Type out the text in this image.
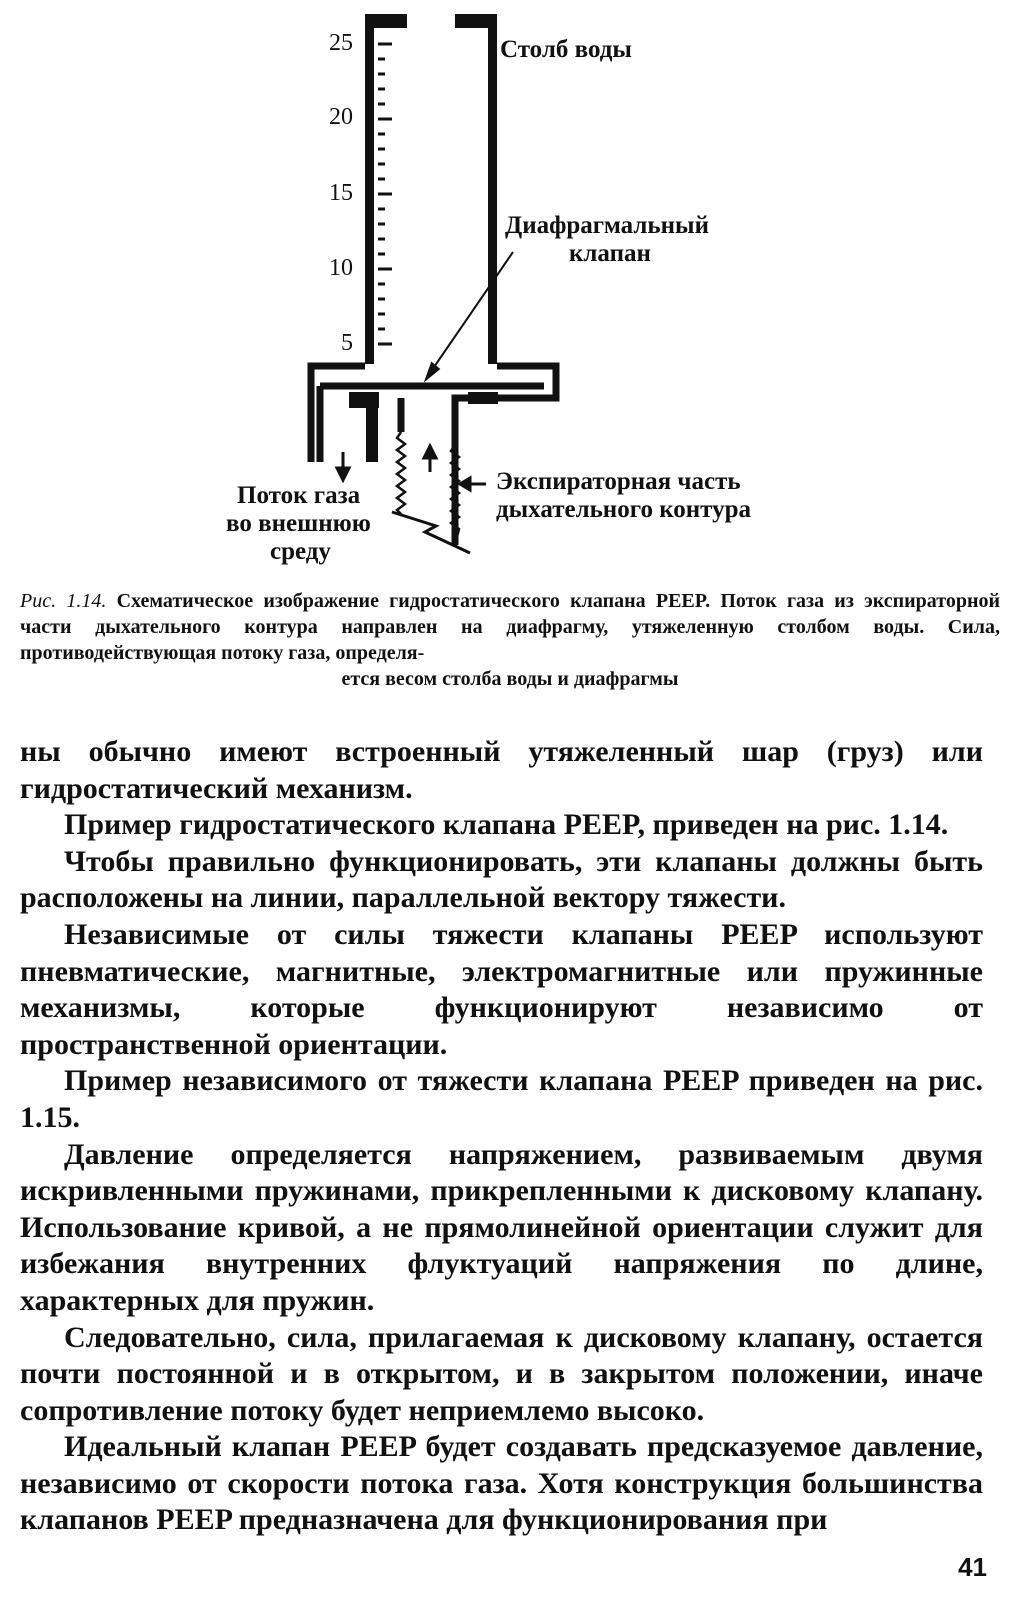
25
20
15
10
5
Столб воды
Диафрагмальный
клапан
Поток газа
во внешнюю
среду
Экспираторная часть
дыхательного контура
Рис. 1.14. Схематическое изображение гидростатического клапана PEEP. Поток газа из экспираторной части дыхательного контура направлен на диафрагму, утяжеленную столбом воды. Сила, противодействующая потоку газа, определя-
ется весом столба воды и диафрагмы

ны обычно имеют встроенный утяжеленный шар (груз) или гидростатический механизм.

Пример гидростатического клапана PEEP, приведен на рис. 1.14.

Чтобы правильно функционировать, эти клапаны должны быть расположены на линии, параллельной вектору тяжести.

Независимые от силы тяжести клапаны PEEP используют пневматические, магнитные, электромагнитные или пружинные механизмы, которые функционируют независимо от пространственной ориентации.

Пример независимого от тяжести клапана PEEP приведен на рис. 1.15.

Давление определяется напряжением, развиваемым двумя искривленными пружинами, прикрепленными к дисковому клапану. Использование кривой, а не прямолинейной ориентации служит для избежания внутренних флуктуаций напряжения по длине, характерных для пружин.

Следовательно, сила, прилагаемая к дисковому клапану, остается почти постоянной и в открытом, и в закрытом положении, иначе сопротивление потоку будет неприемлемо высоко.

Идеальный клапан PEEP будет создавать предсказуемое давление, независимо от скорости потока газа. Хотя конструкция большинства клапанов PEEP предназначена для функционирования при

41
